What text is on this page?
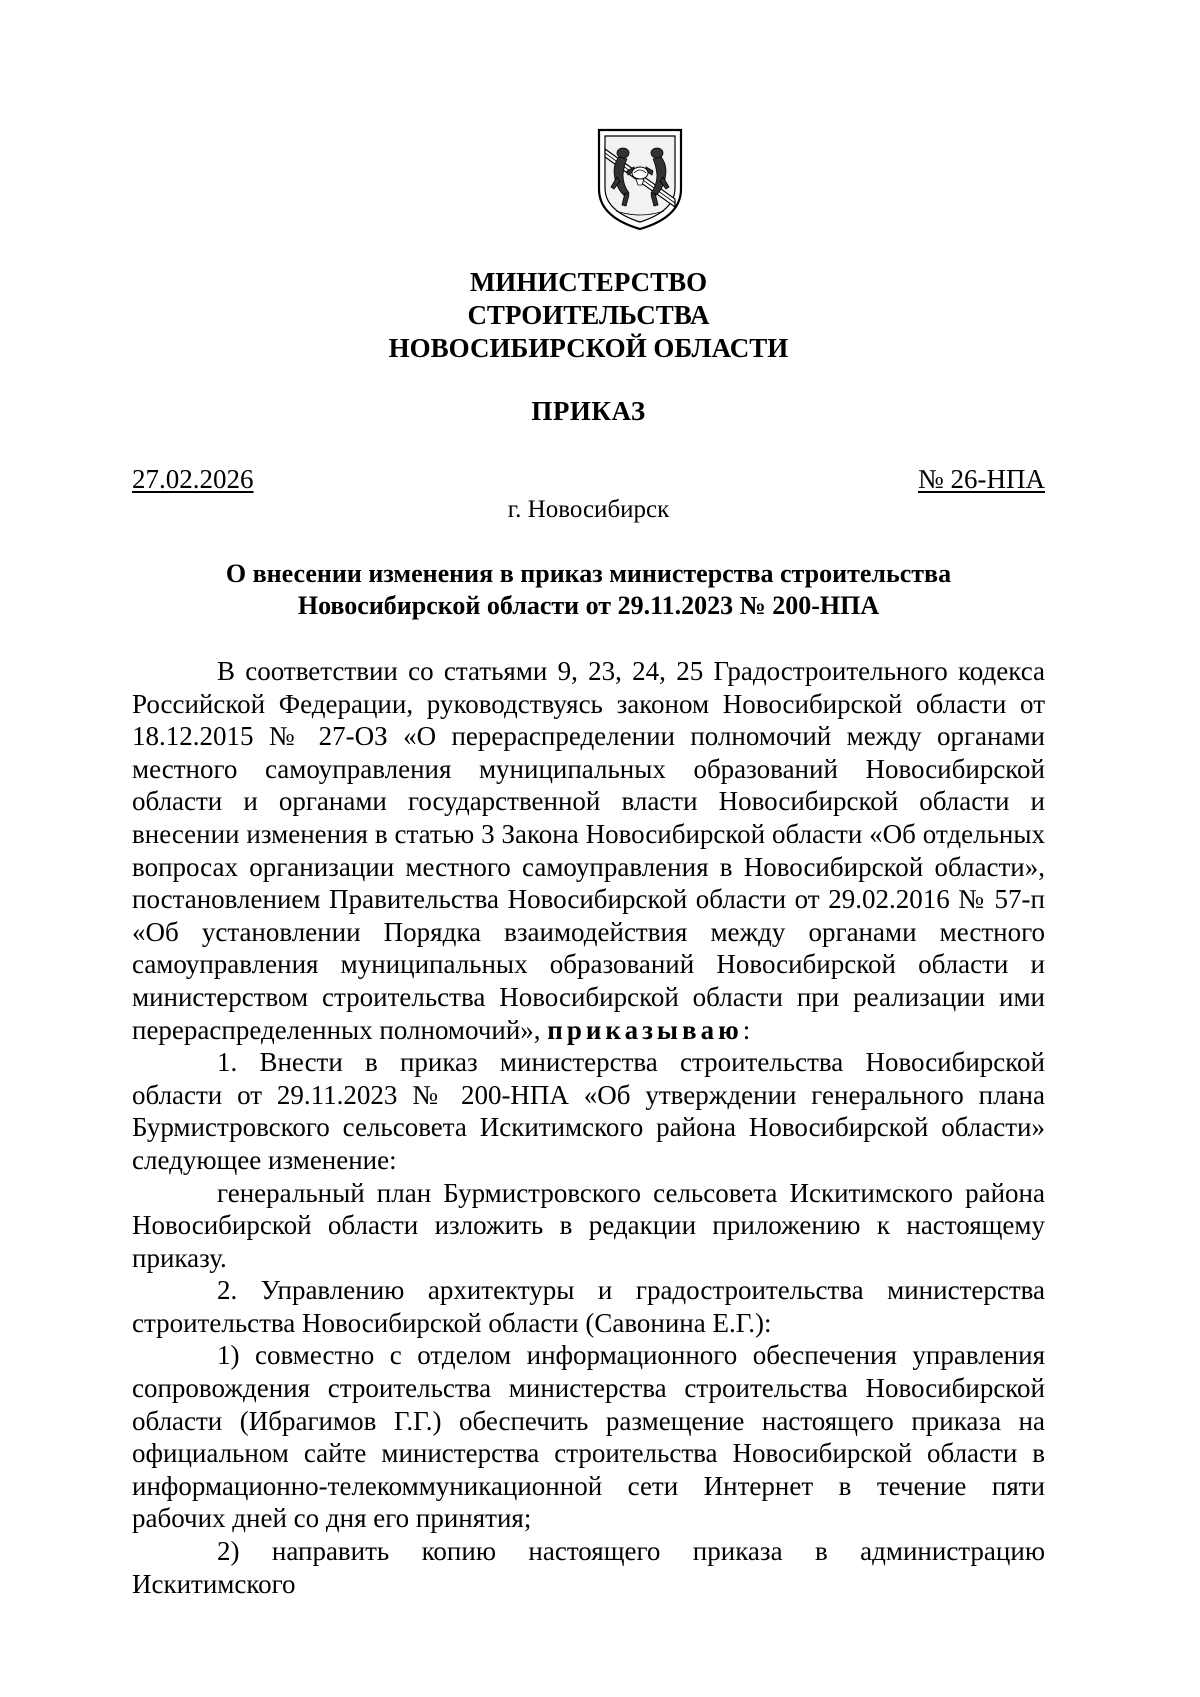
МИНИСТЕРСТВО
СТРОИТЕЛЬСТВА
НОВОСИБИРСКОЙ ОБЛАСТИ
ПРИКАЗ
27.02.2026	№ 26-НПА
г. Новосибирск
О внесении изменения в приказ министерства строительства
Новосибирской области от 29.11.2023 № 200-НПА

В соответствии со статьями 9, 23, 24, 25 Градостроительного кодекса Российской Федерации, руководствуясь законом Новосибирской области от 18.12.2015 № 27-ОЗ «О перераспределении полномочий между органами местного самоуправления муниципальных образований Новосибирской области и органами государственной власти Новосибирской области и внесении изменения в статью 3 Закона Новосибирской области «Об отдельных вопросах организации местного самоуправления в Новосибирской области», постановлением Правительства Новосибирской области от 29.02.2016 № 57-п «Об установлении Порядка взаимодействия между органами местного самоуправления муниципальных образований Новосибирской области и министерством строительства Новосибирской области при реализации ими перераспределенных полномочий», приказываю:

1. Внести в приказ министерства строительства Новосибирской области от 29.11.2023 № 200-НПА «Об утверждении генерального плана Бурмистровского сельсовета Искитимского района Новосибирской области» следующее изменение:

генеральный план Бурмистровского сельсовета Искитимского района Новосибирской области изложить в редакции приложению к настоящему приказу.

2. Управлению архитектуры и градостроительства министерства строительства Новосибирской области (Савонина Е.Г.):

1) совместно с отделом информационного обеспечения управления сопровождения строительства министерства строительства Новосибирской области (Ибрагимов Г.Г.) обеспечить размещение настоящего приказа на официальном сайте министерства строительства Новосибирской области в информационно-телекоммуникационной сети Интернет в течение пяти рабочих дней со дня его принятия;

2) направить копию настоящего приказа в администрацию Искитимского
